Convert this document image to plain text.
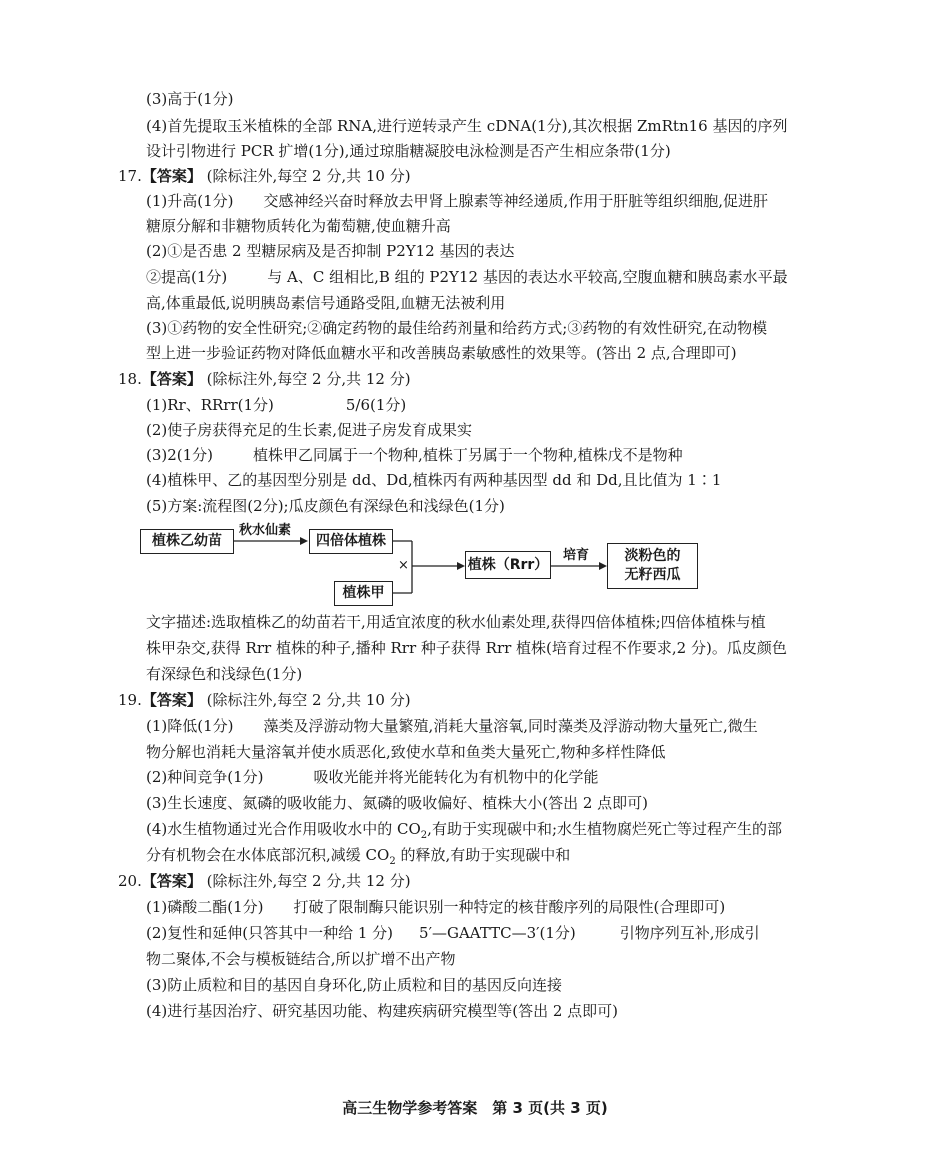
(3)高于(1分)
(4)首先提取玉米植株的全部 RNA,进行逆转录产生 cDNA(1分),其次根据 ZmRtn16 基因的序列
设计引物进行 PCR 扩增(1分),通过琼脂糖凝胶电泳检测是否产生相应条带(1分)
17.【答案】 (除标注外,每空 2 分,共 10 分)
(1)升高(1分) 交感神经兴奋时释放去甲肾上腺素等神经递质,作用于肝脏等组织细胞,促进肝
糖原分解和非糖物质转化为葡萄糖,使血糖升高
(2)①是否患 2 型糖尿病及是否抑制 P2Y12 基因的表达
②提高(1分)	与 A、C 组相比,B 组的 P2Y12 基因的表达水平较高,空腹血糖和胰岛素水平最
高,体重最低,说明胰岛素信号通路受阻,血糖无法被利用
(3)①药物的安全性研究;②确定药物的最佳给药剂量和给药方式;③药物的有效性研究,在动物模
型上进一步验证药物对降低血糖水平和改善胰岛素敏感性的效果等。(答出 2 点,合理即可)
18.【答案】 (除标注外,每空 2 分,共 12 分)
(1)Rr、RRrr(1分)	5/6(1分)
(2)使子房获得充足的生长素,促进子房发育成果实
(3)2(1分)	植株甲乙同属于一个物种,植株丁另属于一个物种,植株戊不是物种
(4)植株甲、乙的基因型分别是 dd、Dd,植株丙有两种基因型 dd 和 Dd,且比值为 1∶1
(5)方案:流程图(2分);瓜皮颜色有深绿色和浅绿色(1分)
植株乙幼苗
秋水仙素
四倍体植株
×
植株甲
植株（Rrr）
培育	淡粉色的
无籽西瓜
文字描述:选取植株乙的幼苗若干,用适宜浓度的秋水仙素处理,获得四倍体植株;四倍体植株与植
株甲杂交,获得 Rrr 植株的种子,播种 Rrr 种子获得 Rrr 植株(培育过程不作要求,2 分)。瓜皮颜色
有深绿色和浅绿色(1分)
19.【答案】 (除标注外,每空 2 分,共 10 分)
(1)降低(1分) 藻类及浮游动物大量繁殖,消耗大量溶氧,同时藻类及浮游动物大量死亡,微生
物分解也消耗大量溶氧并使水质恶化,致使水草和鱼类大量死亡,物种多样性降低
(2)种间竞争(1分)	吸收光能并将光能转化为有机物中的化学能
(3)生长速度、氮磷的吸收能力、氮磷的吸收偏好、植株大小(答出 2 点即可)
(4)水生植物通过光合作用吸收水中的 $CO_2$,有助于实现碳中和;水生植物腐烂死亡等过程产生的部
分有机物会在水体底部沉积,减缓 $CO_2$ 的释放,有助于实现碳中和
20.【答案】 (除标注外,每空 2 分,共 12 分)
(1)磷酸二酯(1分) 打破了限制酶只能识别一种特定的核苷酸序列的局限性(合理即可)
(2)复性和延伸(只答其中一种给 1 分) 5′—GAATTC—3′(1分)	引物序列互补,形成引
物二聚体,不会与模板链结合,所以扩增不出产物
(3)防止质粒和目的基因自身环化,防止质粒和目的基因反向连接
(4)进行基因治疗、研究基因功能、构建疾病研究模型等(答出 2 点即可)
高三生物学参考答案　第 3 页(共 3 页)
